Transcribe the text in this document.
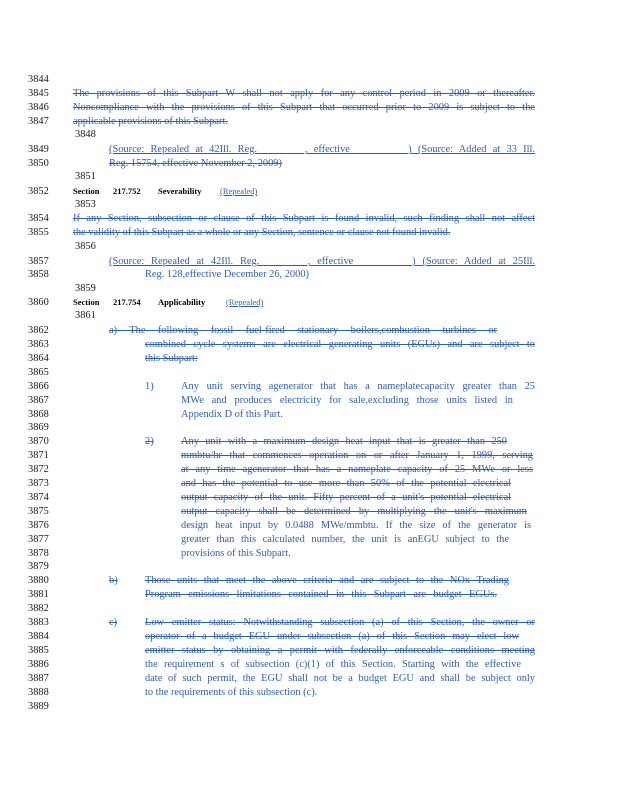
3844
3845	The provisions of this Subpart W shall not apply for any control period in 2009 or thereafter.
3846	Noncompliance with the provisions of this Subpart that occurred prior to 2009 is subject to the
3847	applicable provisions of this Subpart.
3848
3849	(Source: Repealed at 42Ill. Reg. ________, effective __________) (Source: Added at 33 Ill.
3850	Reg. 15754, effective November 2, 2009)
3851
3852	Section 217.752 Severability (Repealed)
3853
3854	If any Section, subsection or clause of this Subpart is found invalid, such finding shall not affect
3855	the validity of this Subpart as a whole or any Section, sentence or clause not found invalid.
3856
3857	(Source: Repealed at 42Ill. Reg. ________, effective __________) (Source: Added at 25Ill.
3858	Reg. 128,effective December 26, 2000)
3859
3860	Section 217.754 Applicability (Repealed)
3861
3862	a) The following fossil fuel-fired stationary boilers,combustion turbines or
3863	combined cycle systems are electrical generating units (EGUs) and are subject to
3864	this Subpart:
3865
3866	1)	Any unit serving agenerator that has a nameplatecapacity greater than 25
3867	MWe and produces electricity for sale,excluding those units listed in
3868	Appendix D of this Part.
3869
3870	2)	Any unit with a maximum design heat input that is greater than 250
3871	mmbtu/hr that commences operation on or after January 1, 1999, serving
3872	at any time agenerator that has a nameplate capacity of 25 MWe or less
3873	and has the potential to use more than 50% of the potential electrical
3874	output capacity of the unit. Fifty percent of a unit's potential electrical
3875	output capacity shall be determined by multiplying the unit's maximum
3876	design heat input by 0.0488 MWe/mmbtu. If the size of the generator is
3877	greater than this calculated number, the unit is anEGU subject to the
3878	provisions of this Subpart.
3879
3880	b)	Those units that meet the above criteria and are subject to the NOx Trading
3881	Program emissions limitations contained in this Subpart are budget EGUs.
3882
3883	c)	Low emitter status: Notwithstanding subsection (a) of this Section, the owner or
3884	operator of a budget EGU under subsection (a) of this Section may elect low
3885	emitter status by obtaining a permit with federally enforceable conditions meeting
3886	the requirement s of subsection (c)(1) of this Section. Starting with the effective
3887	date of such permit, the EGU shall not be a budget EGU and shall be subject only
3888	to the requirements of this subsection (c).
3889
